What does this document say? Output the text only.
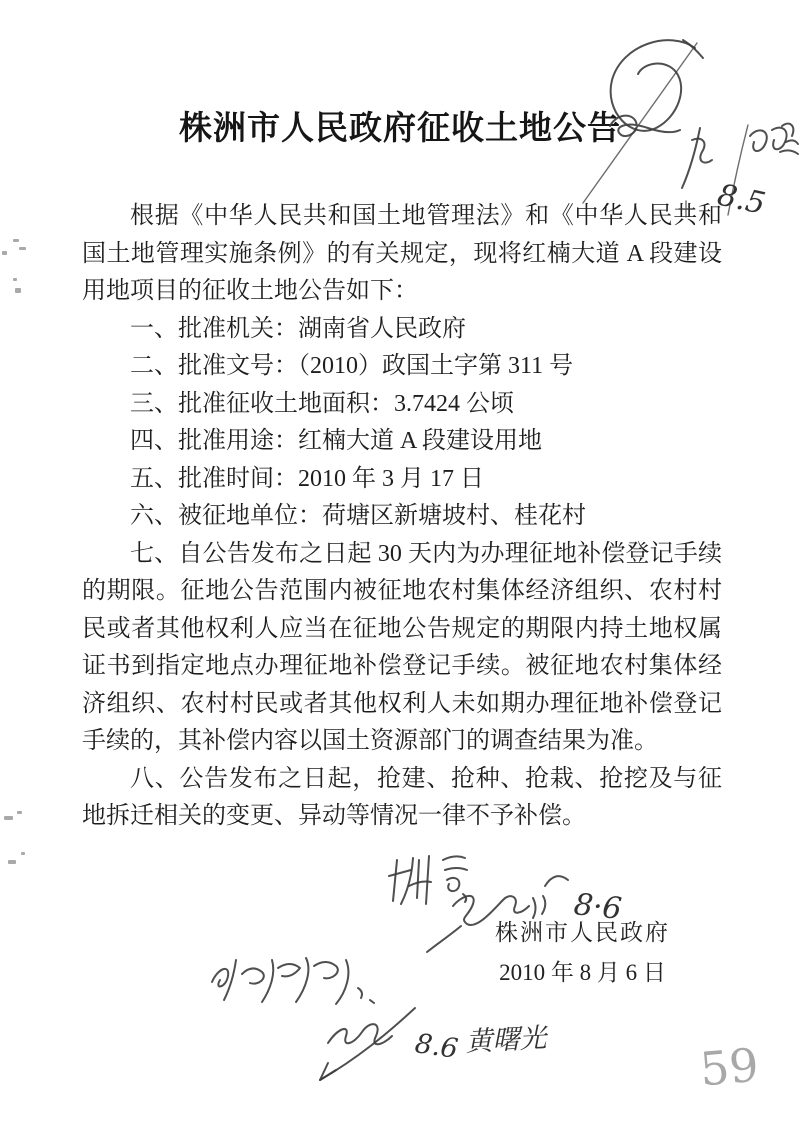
株洲市人民政府征收土地公告

根据《中华人民共和国土地管理法》和《中华人民共和国土地管理实施条例》的有关规定，现将红楠大道 A 段建设用地项目的征收土地公告如下：

一、批准机关：湖南省人民政府

二、批准文号：（2010）政国土字第 311 号

三、批准征收土地面积：3.7424 公顷

四、批准用途：红楠大道 A 段建设用地

五、批准时间：2010 年 3 月 17 日

六、被征地单位：荷塘区新塘坡村、桂花村

七、自公告发布之日起 30 天内为办理征地补偿登记手续的期限。征地公告范围内被征地农村集体经济组织、农村村民或者其他权利人应当在征地公告规定的期限内持土地权属证书到指定地点办理征地补偿登记手续。被征地农村集体经济组织、农村村民或者其他权利人未如期办理征地补偿登记手续的，其补偿内容以国土资源部门的调查结果为准。

八、公告发布之日起，抢建、抢种、抢栽、抢挖及与征地拆迁相关的变更、异动等情况一律不予补偿。

株洲市人民政府
2010 年 8 月 6 日
8.5
8·6
8.6 黄曙光	59
